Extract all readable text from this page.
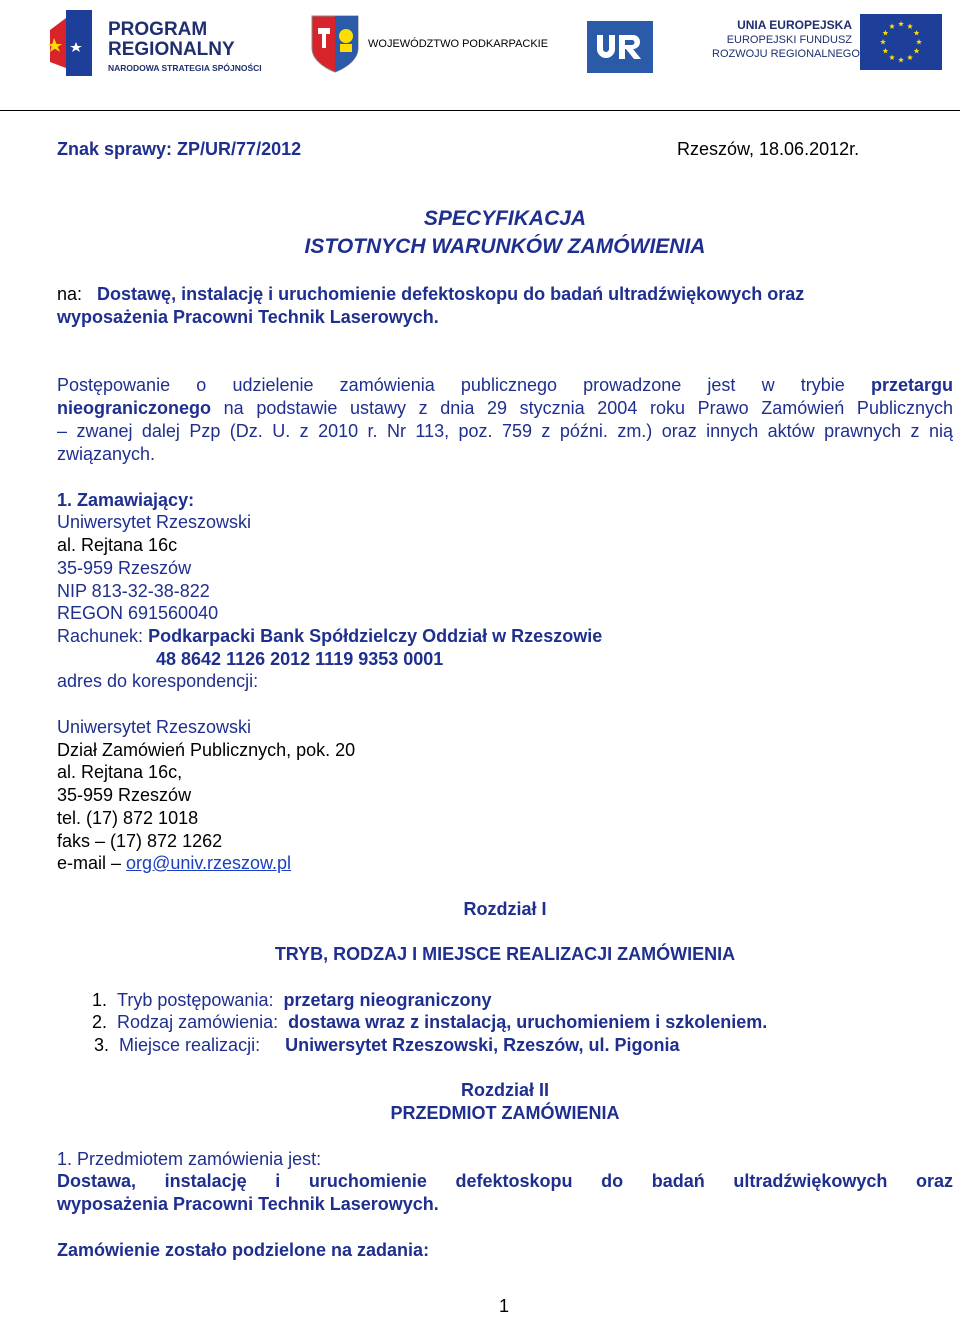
PROGRAM
REGIONALNY
NARODOWA STRATEGIA SPÓJNOŚCI
WOJEWÓDZTWO PODKARPACKIE
UNIA EUROPEJSKA
EUROPEJSKI FUNDUSZ
ROZWOJU REGIONALNEGO
Znak sprawy: ZP/UR/77/2012	Rzeszów, 18.06.2012r.
SPECYFIKACJA
ISTOTNYCH WARUNKÓW ZAMÓWIENIA
na: Dostawę, instalację i uruchomienie defektoskopu do badań ultradźwiękowych oraz
wyposażenia Pracowni Technik Laserowych.
Postępowanie o udzielenie zamówienia publicznego prowadzone jest w trybie przetargu
nieograniczonego na podstawie ustawy z dnia 29 stycznia 2004 roku Prawo Zamówień Publicznych
– zwanej dalej Pzp (Dz. U. z 2010 r. Nr 113, poz. 759 z późni. zm.) oraz innych aktów prawnych z nią
związanych.
1. Zamawiający:
Uniwersytet Rzeszowski
al. Rejtana 16c
35-959 Rzeszów
NIP 813-32-38-822
REGON 691560040
Rachunek: Podkarpacki Bank Spółdzielczy Oddział w Rzeszowie
48 8642 1126 2012 1119 9353 0001
adres do korespondencji:
Uniwersytet Rzeszowski
Dział Zamówień Publicznych, pok. 20
al. Rejtana 16c,
35-959 Rzeszów
tel. (17) 872 1018
faks – (17) 872 1262
e-mail – org@univ.rzeszow.pl
Rozdział I
TRYB, RODZAJ I MIEJSCE REALIZACJI ZAMÓWIENIA
1. Tryb postępowania: przetarg nieograniczony
2. Rodzaj zamówienia: dostawa wraz z instalacją, uruchomieniem i szkoleniem.
3. Miejsce realizacji: Uniwersytet Rzeszowski, Rzeszów, ul. Pigonia
Rozdział II
PRZEDMIOT ZAMÓWIENIA
1. Przedmiotem zamówienia jest:
Dostawa, instalację i uruchomienie defektoskopu do badań ultradźwiękowych oraz
wyposażenia Pracowni Technik Laserowych.
Zamówienie zostało podzielone na zadania:
1
